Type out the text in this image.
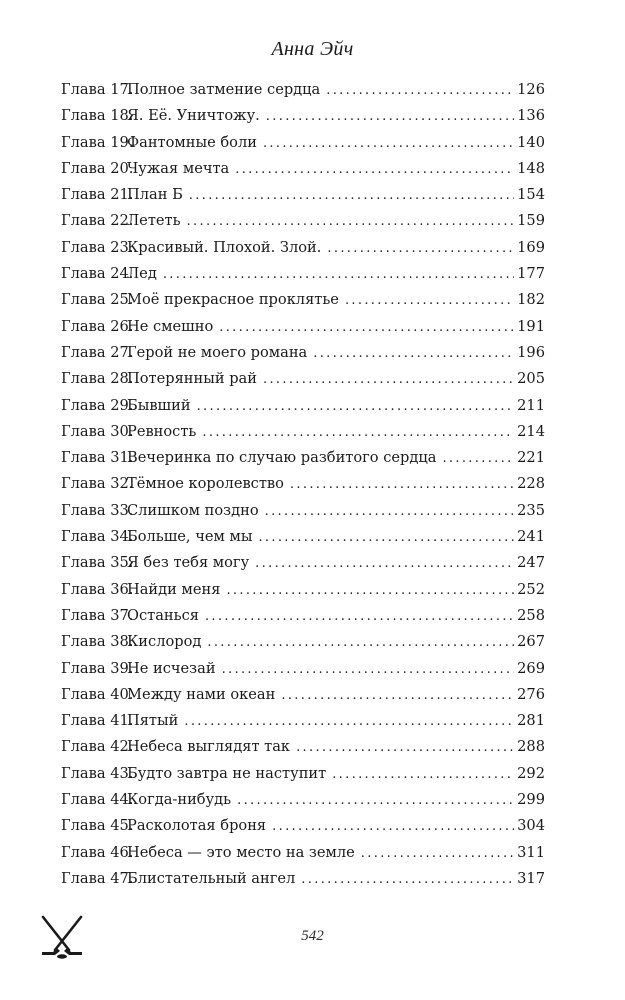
Анна Эйч
Глава 17.
Полное затмение сердца . . .	126
Глава 18.
Я. Её. Уничтожу. . . .	136
Глава 19.
Фантомные боли . . .	140
Глава 20.
Чужая мечта . . .	148
Глава 21.
План Б . . .	154
Глава 22.
Лететь . . .	159
Глава 23.
Красивый. Плохой. Злой. . . .	169
Глава 24.
Лед . . .	177
Глава 25.
Моё прекрасное проклятье . . .	182
Глава 26.
Не смешно . . .	191
Глава 27.
Герой не моего романа . . .	196
Глава 28.
Потерянный рай . . .	205
Глава 29.
Бывший . . .	211
Глава 30.
Ревность . . .	214
Глава 31.
Вечеринка по случаю разбитого сердца . . .	221
Глава 32.
Тёмное королевство . . .	228
Глава 33.
Слишком поздно . . .	235
Глава 34.
Больше, чем мы . . .	241
Глава 35.
Я без тебя могу . . .	247
Глава 36.
Найди меня . . .	252
Глава 37.
Останься . . .	258
Глава 38.
Кислород . . .	267
Глава 39.
Не исчезай . . .	269
Глава 40.
Между нами океан . . .	276
Глава 41.
Пятый . . .	281
Глава 42.
Небеса выглядят так . . .	288
Глава 43.
Будто завтра не наступит . . .	292
Глава 44.
Когда-нибудь . . .	299
Глава 45.
Расколотая броня . . .	304
Глава 46.
Небеса — это место на земле . . .	311
Глава 47.
Блистательный ангел . . .	317
542
